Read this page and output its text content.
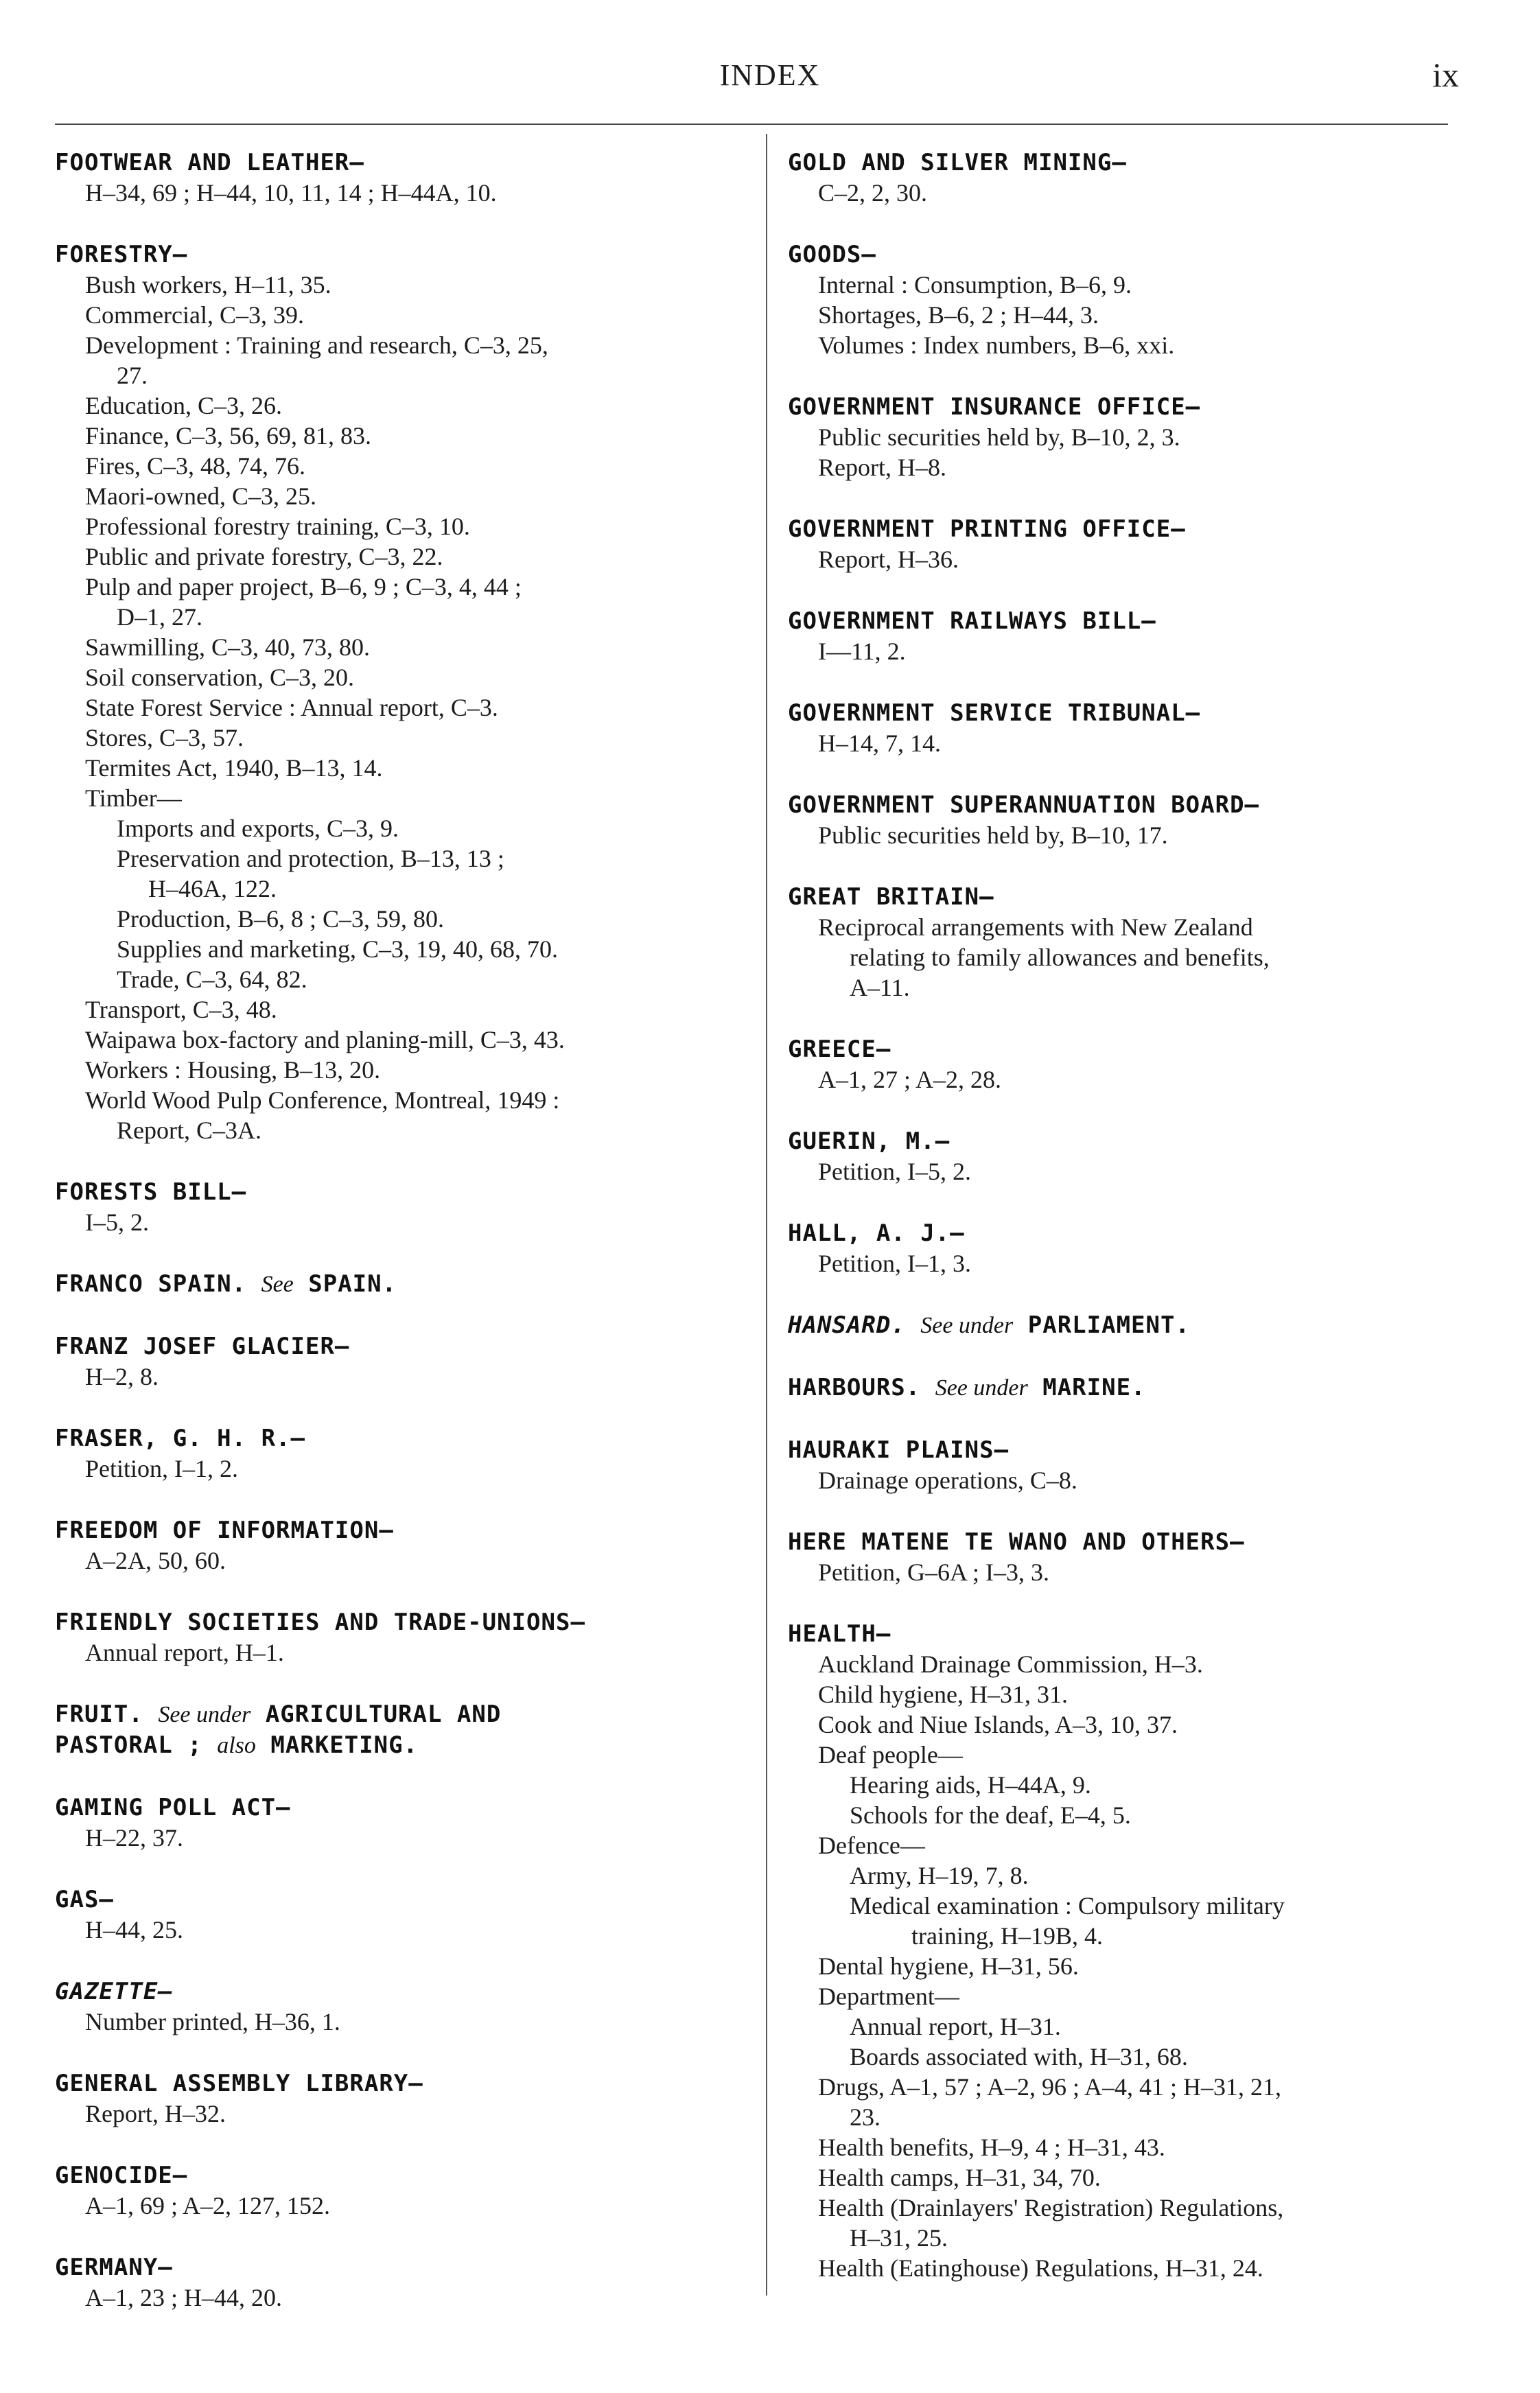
INDEX	ix
FOOTWEAR AND LEATHER—
H–34, 69 ; H–44, 10, 11, 14 ; H–44A, 10.
FORESTRY—
Bush workers, H–11, 35.
Commercial, C–3, 39.
Development : Training and research, C–3, 25,
27.
Education, C–3, 26.
Finance, C–3, 56, 69, 81, 83.
Fires, C–3, 48, 74, 76.
Maori-owned, C–3, 25.
Professional forestry training, C–3, 10.
Public and private forestry, C–3, 22.
Pulp and paper project, B–6, 9 ; C–3, 4, 44 ;
D–1, 27.
Sawmilling, C–3, 40, 73, 80.
Soil conservation, C–3, 20.
State Forest Service : Annual report, C–3.
Stores, C–3, 57.
Termites Act, 1940, B–13, 14.
Timber—
Imports and exports, C–3, 9.
Preservation and protection, B–13, 13 ;
H–46A, 122.
Production, B–6, 8 ; C–3, 59, 80.
Supplies and marketing, C–3, 19, 40, 68, 70.
Trade, C–3, 64, 82.
Transport, C–3, 48.
Waipawa box-factory and planing-mill, C–3, 43.
Workers : Housing, B–13, 20.
World Wood Pulp Conference, Montreal, 1949 :
Report, C–3A.
FORESTS BILL—
I–5, 2.
FRANCO SPAIN. See SPAIN.
FRANZ JOSEF GLACIER—
H–2, 8.
FRASER, G. H. R.—
Petition, I–1, 2.
FREEDOM OF INFORMATION—
A–2A, 50, 60.
FRIENDLY SOCIETIES AND TRADE-UNIONS—
Annual report, H–1.
FRUIT. See under AGRICULTURAL AND
PASTORAL ; also MARKETING.
GAMING POLL ACT—
H–22, 37.
GAS—
H–44, 25.
GAZETTE—
Number printed, H–36, 1.
GENERAL ASSEMBLY LIBRARY—
Report, H–32.
GENOCIDE—
A–1, 69 ; A–2, 127, 152.
GERMANY—
A–1, 23 ; H–44, 20.
GOLD AND SILVER MINING—
C–2, 2, 30.
GOODS—
Internal : Consumption, B–6, 9.
Shortages, B–6, 2 ; H–44, 3.
Volumes : Index numbers, B–6, xxi.
GOVERNMENT INSURANCE OFFICE—
Public securities held by, B–10, 2, 3.
Report, H–8.
GOVERNMENT PRINTING OFFICE—
Report, H–36.
GOVERNMENT RAILWAYS BILL—
I—11, 2.
GOVERNMENT SERVICE TRIBUNAL—
H–14, 7, 14.
GOVERNMENT SUPERANNUATION BOARD—
Public securities held by, B–10, 17.
GREAT BRITAIN—
Reciprocal arrangements with New Zealand
relating to family allowances and benefits,
A–11.
GREECE—
A–1, 27 ; A–2, 28.
GUERIN, M.—
Petition, I–5, 2.
HALL, A. J.—
Petition, I–1, 3.
HANSARD. See under PARLIAMENT.
HARBOURS. See under MARINE.
HAURAKI PLAINS—
Drainage operations, C–8.
HERE MATENE TE WANO AND OTHERS—
Petition, G–6A ; I–3, 3.
HEALTH—
Auckland Drainage Commission, H–3.
Child hygiene, H–31, 31.
Cook and Niue Islands, A–3, 10, 37.
Deaf people—
Hearing aids, H–44A, 9.
Schools for the deaf, E–4, 5.
Defence—
Army, H–19, 7, 8.
Medical examination : Compulsory military
training, H–19B, 4.
Dental hygiene, H–31, 56.
Department—
Annual report, H–31.
Boards associated with, H–31, 68.
Drugs, A–1, 57 ; A–2, 96 ; A–4, 41 ; H–31, 21,
23.
Health benefits, H–9, 4 ; H–31, 43.
Health camps, H–31, 34, 70.
Health (Drainlayers' Registration) Regulations,
H–31, 25.
Health (Eatinghouse) Regulations, H–31, 24.
